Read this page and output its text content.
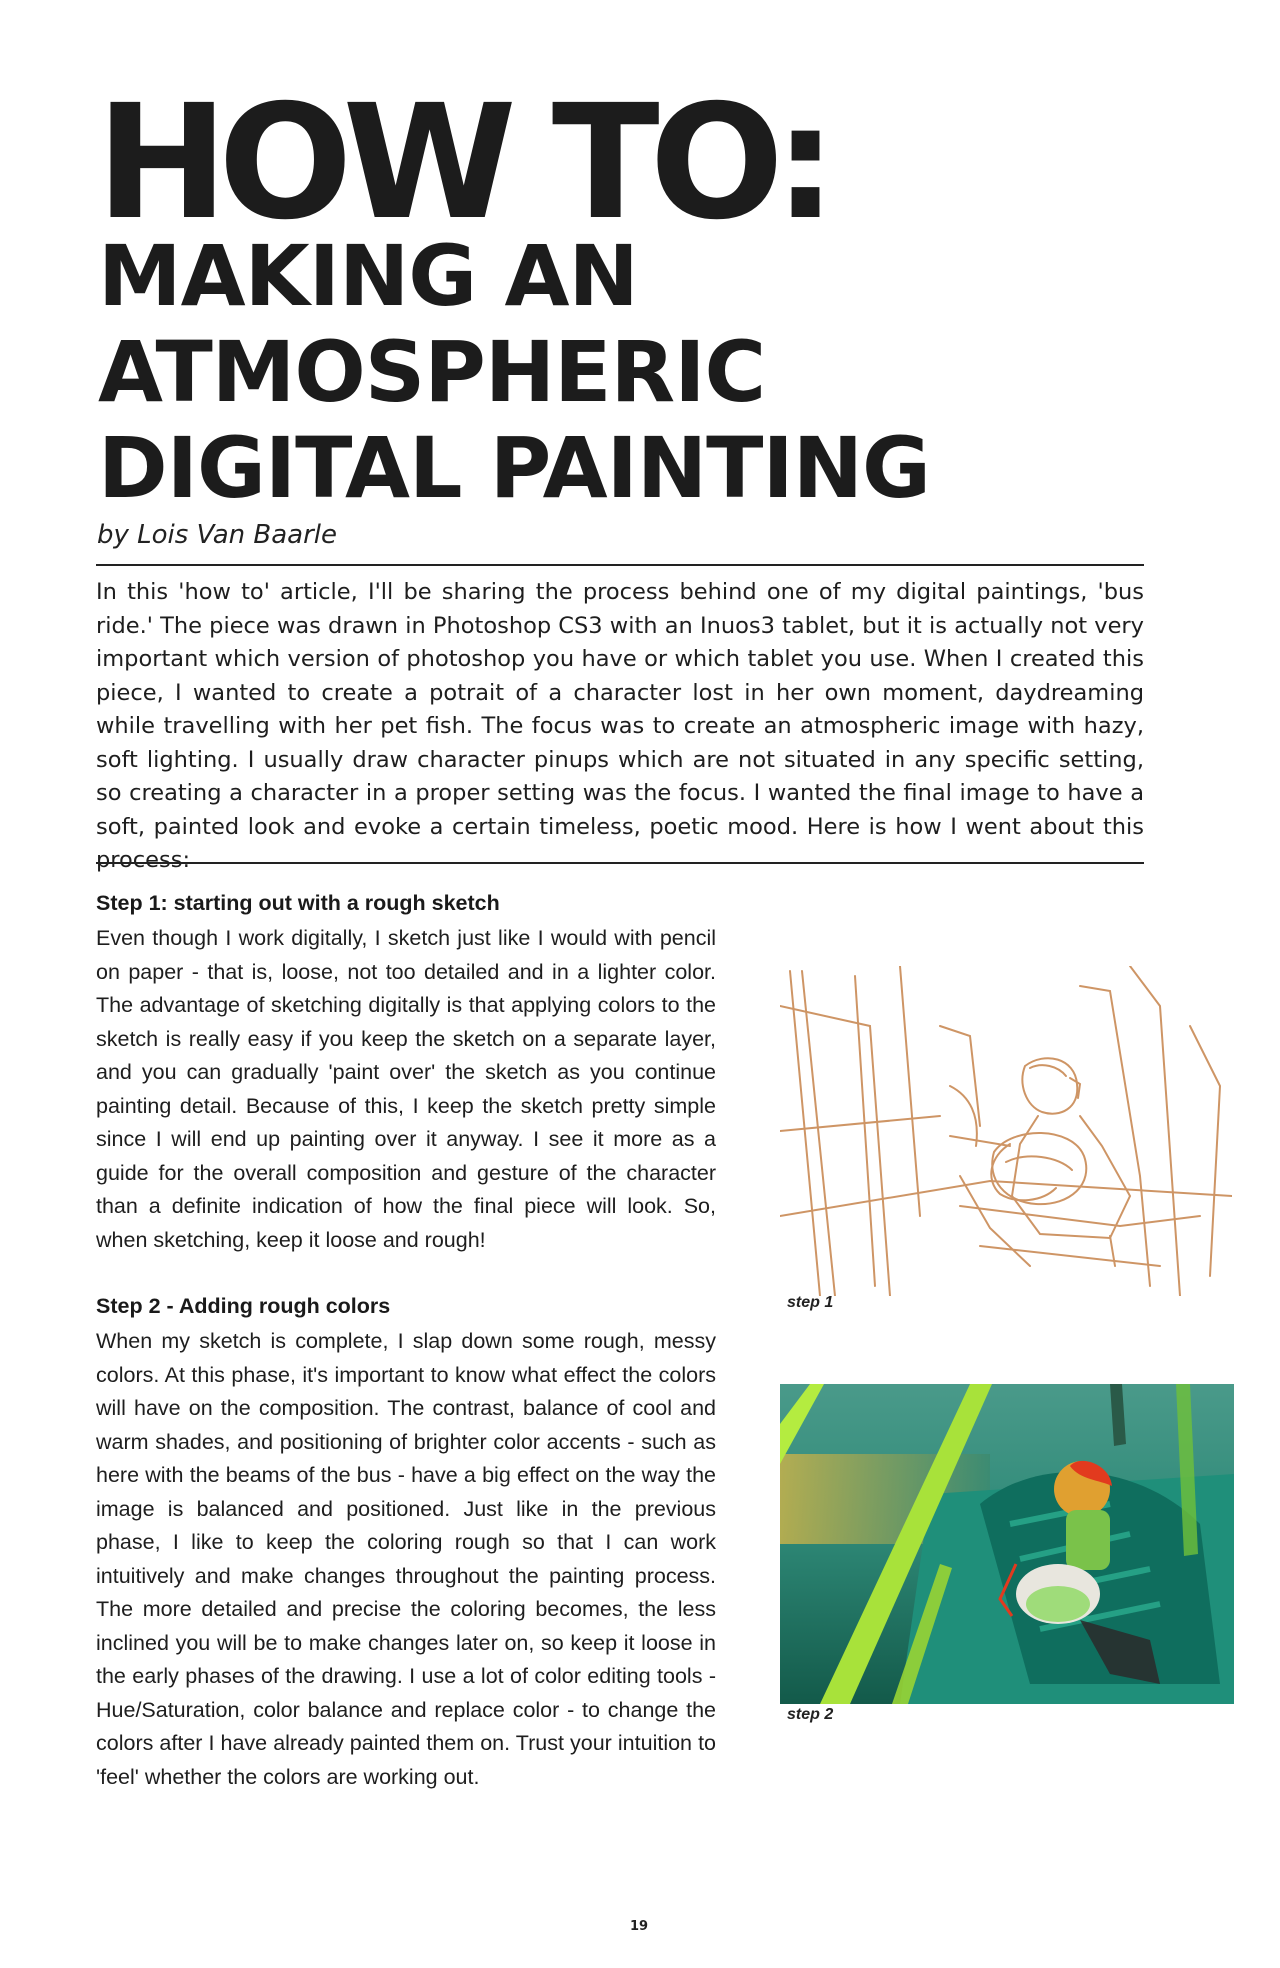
HOW TO:
MAKING AN
ATMOSPHERIC
DIGITAL PAINTING

by Lois Van Baarle

In this 'how to' article, I'll be sharing the process behind one of my digital paintings, 'bus ride.' The piece was drawn in Photoshop CS3 with an Inuos3 tablet, but it is actually not very important which version of photoshop you have or which tablet you use. When I created this piece, I wanted to create a potrait of a character lost in her own moment, daydreaming while travelling with her pet fish. The focus was to create an atmospheric image with hazy, soft lighting. I usually draw character pinups which are not situated in any specific setting, so creating a character in a proper setting was the focus. I wanted the final image to have a soft, painted look and evoke a certain timeless, poetic mood. Here is how I went about this process:

Step 1: starting out with a rough sketch

Even though I work digitally, I sketch just like I would with pencil on paper - that is, loose, not too detailed and in a lighter color. The advantage of sketching digitally is that applying colors to the sketch is really easy if you keep the sketch on a separate layer, and you can gradually 'paint over' the sketch as you continue painting detail. Because of this, I keep the sketch pretty simple since I will end up painting over it anyway. I see it more as a guide for the overall composition and gesture of the character than a definite indication of how the final piece will look. So, when sketching, keep it loose and rough!

Step 2 - Adding rough colors

When my sketch is complete, I slap down some rough, messy colors. At this phase, it's important to know what effect the colors will have on the composition. The contrast, balance of cool and warm shades, and positioning of brighter color accents - such as here with the beams of the bus - have a big effect on the way the image is balanced and positioned. Just like in the previous phase, I like to keep the coloring rough so that I can work intuitively and make changes throughout the painting process. The more detailed and precise the coloring becomes, the less inclined you will be to make changes later on, so keep it loose in the early phases of the drawing. I use a lot of color editing tools - Hue/Saturation, color balance and replace color - to change the colors after I have already painted them on. Trust your intuition to 'feel' whether the colors are working out.

step 1

step 2

19
